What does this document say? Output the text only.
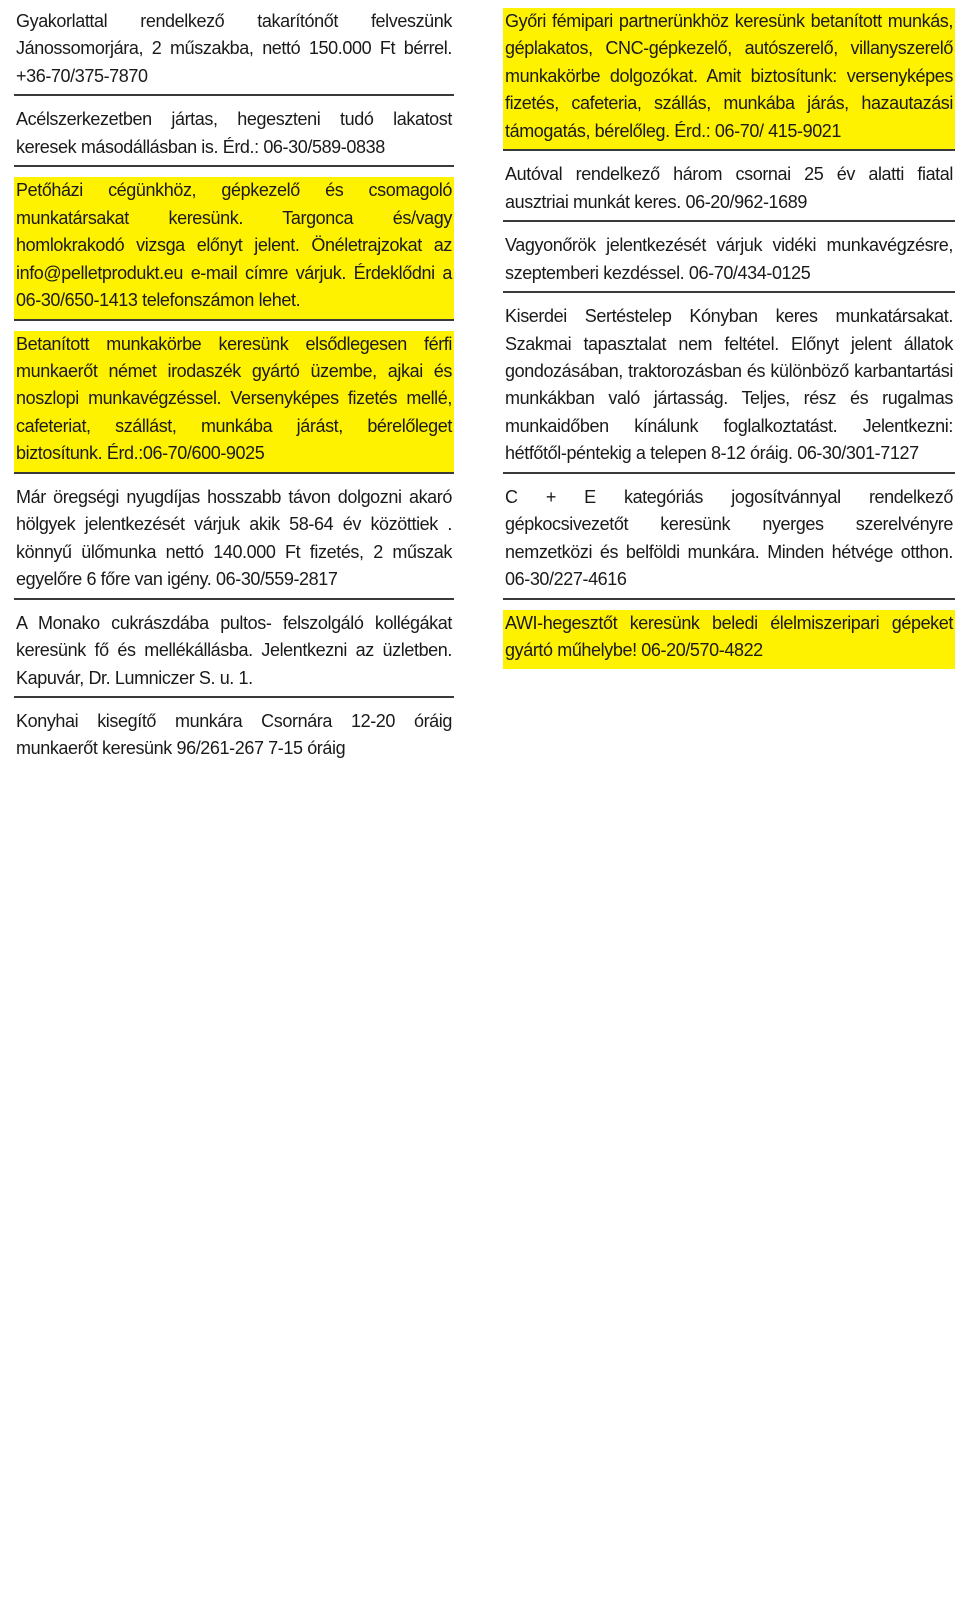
Gyakorlattal rendelkező takarítónőt felveszünk Jánossomorjára, 2 műszakba, nettó 150.000 Ft bérrel. +36-70/375-7870
Acélszerkezetben jártas, hegeszteni tudó lakatost keresek másodállásban is. Érd.: 06-30/589-0838
Petőházi cégünkhöz, gépkezelő és csomagoló munkatársakat keresünk. Targonca és/vagy homlokrakodó vizsga előnyt jelent. Önéletrajzokat az info@pelletprodukt.eu e-mail címre várjuk. Érdeklődni a 06-30/650-1413 telefonszámon lehet.
Betanított munkakörbe keresünk elsődlegesen férfi munkaerőt német irodaszék gyártó üzembe, ajkai és noszlopi munkavégzéssel. Versenyképes fizetés mellé, cafeteriat, szállást, munkába járást, bérelőleget biztosítunk. Érd.:06-70/600-9025
Már öregségi nyugdíjas hosszabb távon dolgozni akaró hölgyek jelentkezését várjuk akik 58-64 év közöttiek . könnyű ülőmunka nettó 140.000 Ft fizetés, 2 műszak egyelőre 6 főre van igény. 06-30/559-2817
A Monako cukrászdába pultos- felszolgáló kollégákat keresünk fő és mellékállásba. Jelentkezni az üzletben. Kapuvár, Dr. Lumniczer S. u. 1.
Konyhai kisegítő munkára Csornára 12-20 óráig munkaerőt keresünk 96/261-267 7-15 óráig
Győri fémipari partnerünkhöz keresünk betanított munkás, géplakatos, CNC-gépkezelő, autószerelő, villanyszerelő munkakörbe dolgozókat. Amit biztosítunk: versenyképes fizetés, cafeteria, szállás, munkába járás, hazautazási támogatás, bérelőleg. Érd.: 06-70/ 415-9021
Autóval rendelkező három csornai 25 év alatti fiatal ausztriai munkát keres. 06-20/962-1689
Vagyonőrök jelentkezését várjuk vidéki munkavégzésre, szeptemberi kezdéssel. 06-70/434-0125
Kiserdei Sertéstelep Kónyban keres munkatársakat. Szakmai tapasztalat nem feltétel. Előnyt jelent állatok gondozásában, traktorozásban és különböző karbantartási munkákban való jártasság. Teljes, rész és rugalmas munkaidőben kínálunk foglalkoztatást. Jelentkezni: hétfőtől-péntekig a telepen 8-12 óráig. 06-30/301-7127
C + E kategóriás jogosítvánnyal rendelkező gépkocsivezetőt keresünk nyerges szerelvényre nemzetközi és belföldi munkára. Minden hétvége otthon. 06-30/227-4616
AWI-hegesztőt keresünk beledi élelmiszeripari gépeket gyártó műhelybe! 06-20/570-4822
